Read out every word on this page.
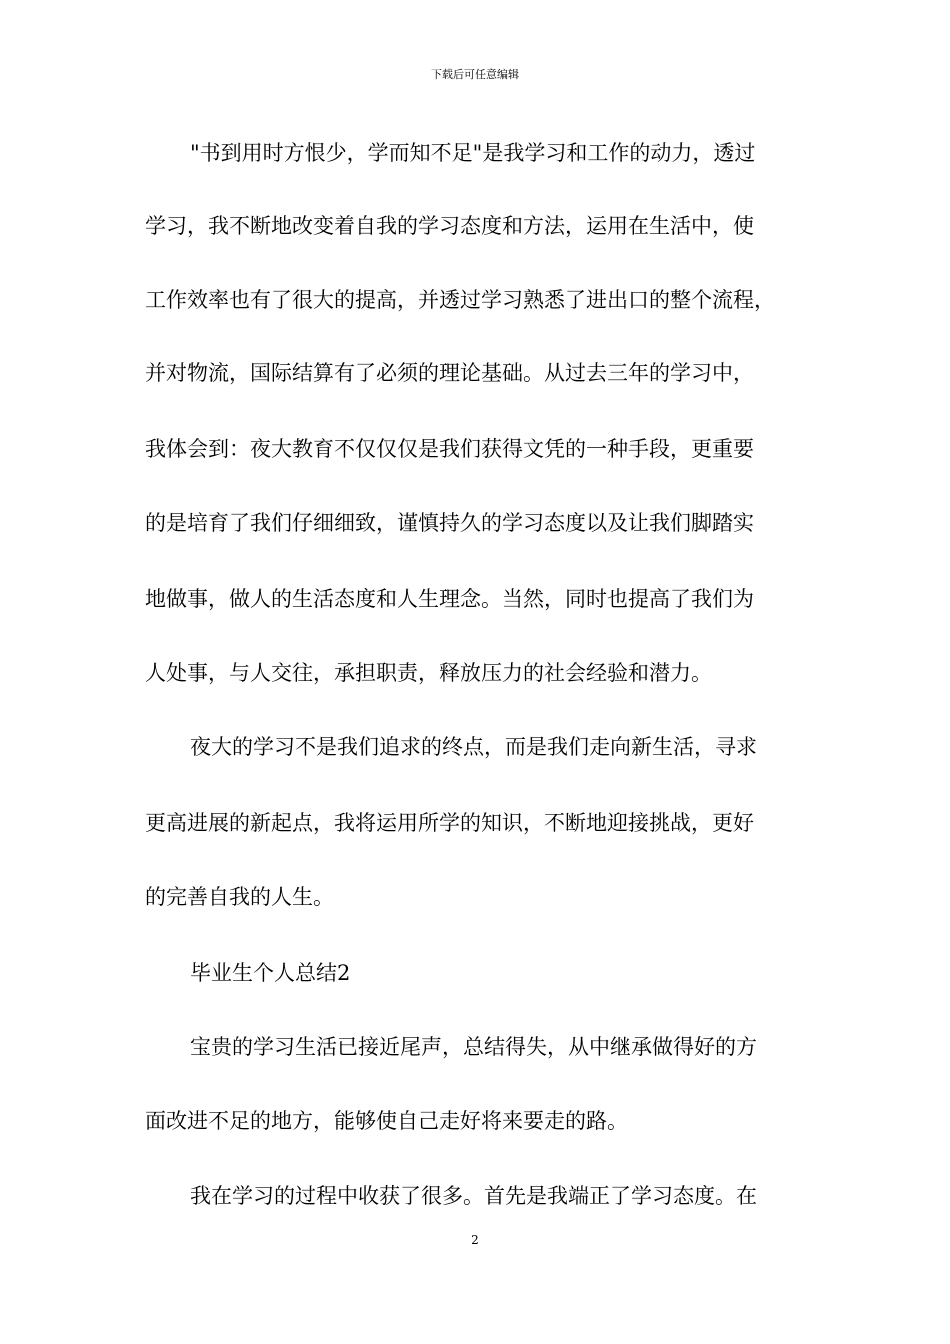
下载后可任意编辑
"书到用时方恨少，学而知不足"是我学习和工作的动力，透过
学习，我不断地改变着自我的学习态度和方法，运用在生活中，使
工作效率也有了很大的提高，并透过学习熟悉了进出口的整个流程，
并对物流，国际结算有了必须的理论基础。从过去三年的学习中，
我体会到：夜大教育不仅仅仅是我们获得文凭的一种手段，更重要
的是培育了我们仔细细致，谨慎持久的学习态度以及让我们脚踏实
地做事，做人的生活态度和人生理念。当然，同时也提高了我们为
人处事，与人交往，承担职责，释放压力的社会经验和潜力。
夜大的学习不是我们追求的终点，而是我们走向新生活，寻求
更高进展的新起点，我将运用所学的知识，不断地迎接挑战，更好
的完善自我的人生。
毕业生个人总结2
宝贵的学习生活已接近尾声，总结得失，从中继承做得好的方
面改进不足的地方，能够使自己走好将来要走的路。
我在学习的过程中收获了很多。首先是我端正了学习态度。在
2
